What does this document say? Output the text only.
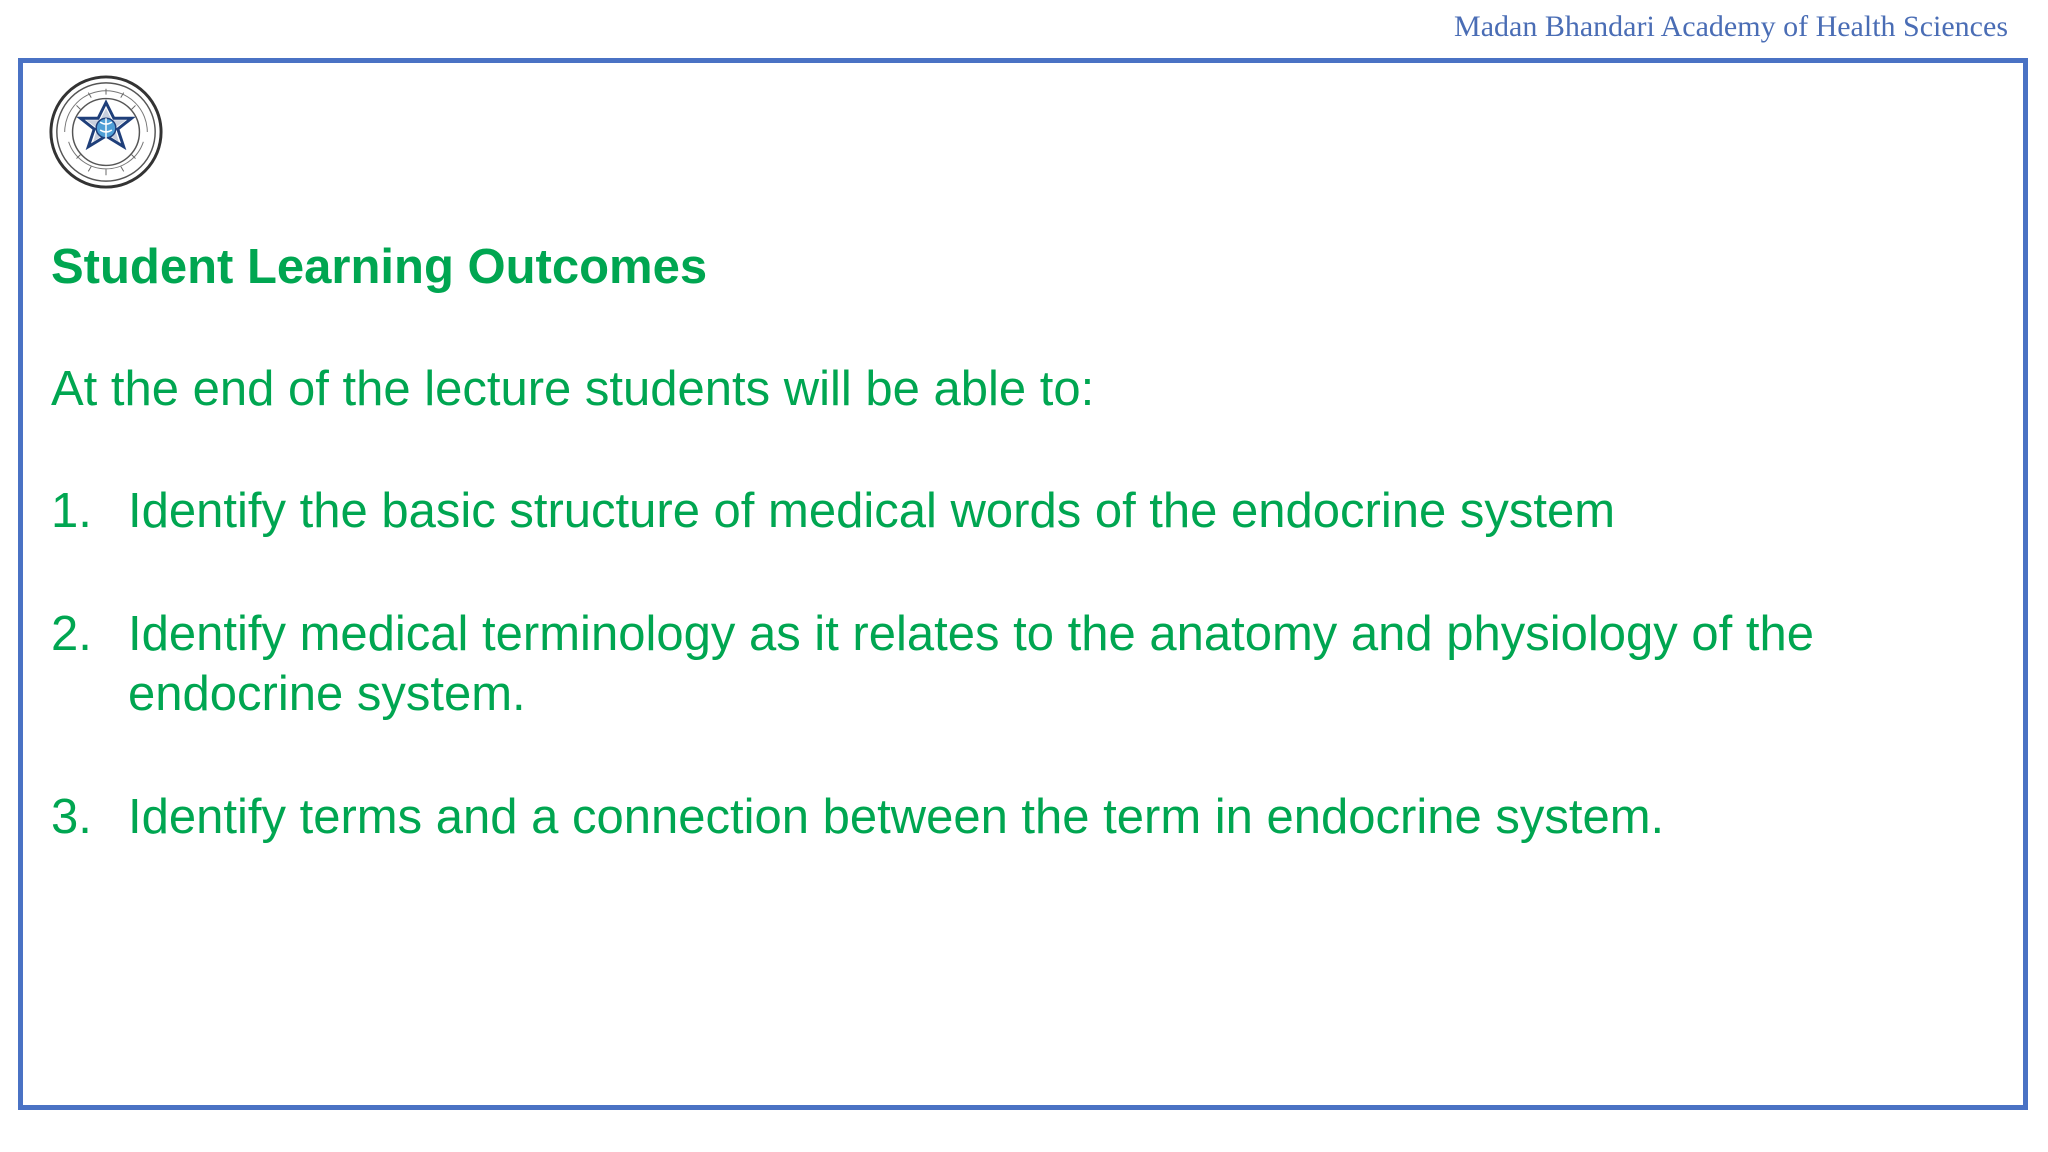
Madan Bhandari Academy of Health Sciences
Student Learning Outcomes
At the end of the lecture students will be able to:
1. Identify the basic structure of medical words of the endocrine system
2. Identify medical terminology as it relates to the anatomy and physiology of the endocrine system.
3. Identify terms and a connection between the term in endocrine system.
